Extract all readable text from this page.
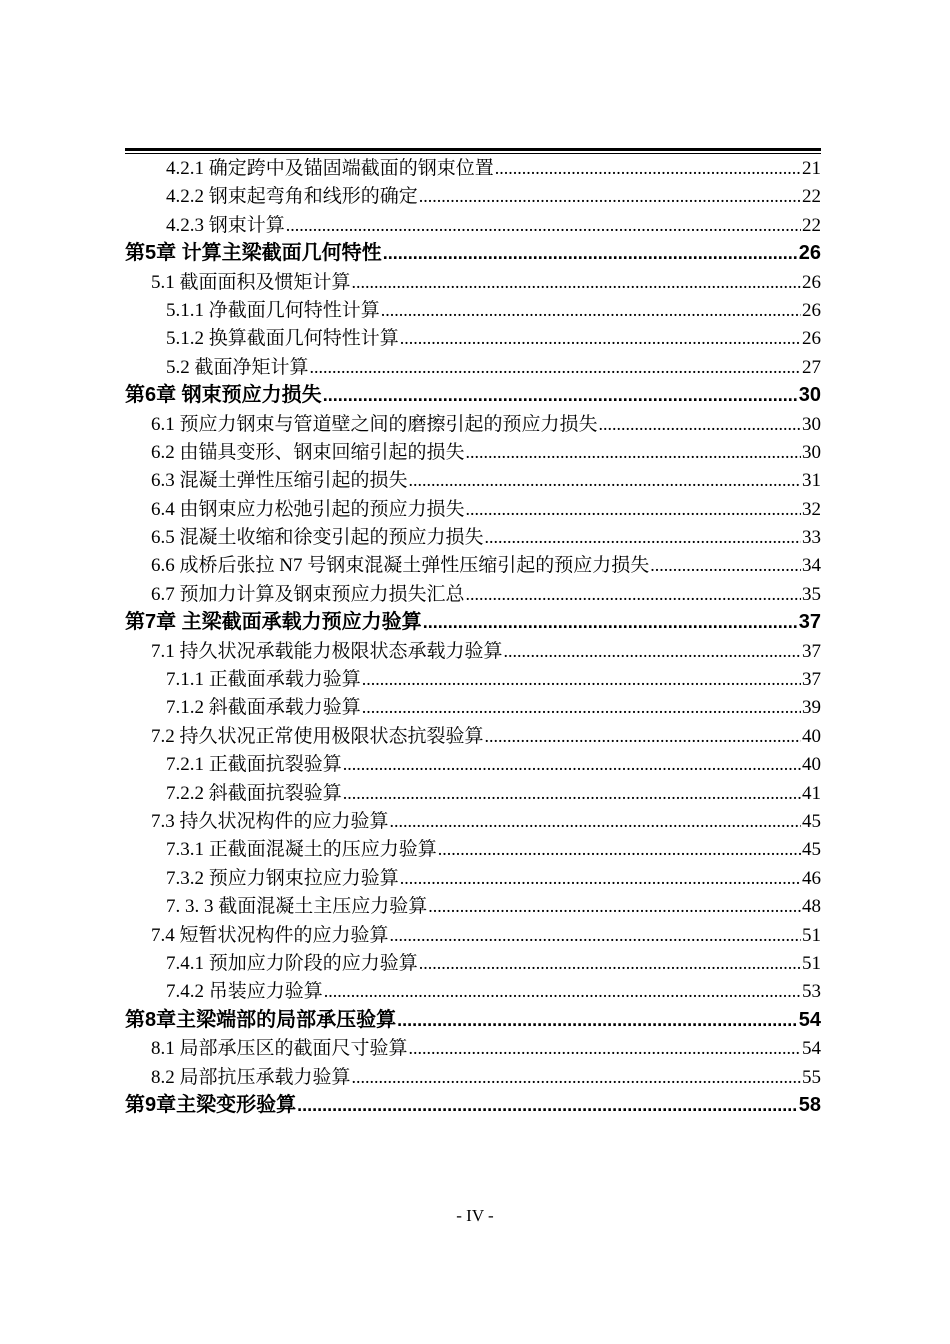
4.2.1 确定跨中及锚固端截面的钢束位置 .....	21
4.2.2 钢束起弯角和线形的确定 .....	22
4.2.3 钢束计算 .....	22
第5章 计算主梁截面几何特性 .....	26
5.1 截面面积及惯矩计算 .....	26
5.1.1 净截面几何特性计算 .....	26
5.1.2 换算截面几何特性计算 .....	26
5.2 截面净矩计算 .....	27
第6章 钢束预应力损失 .....	30
6.1 预应力钢束与管道壁之间的磨擦引起的预应力损失 .....	30
6.2 由锚具变形、钢束回缩引起的损失 .....	30
6.3 混凝土弹性压缩引起的损失 .....	31
6.4 由钢束应力松弛引起的预应力损失 .....	32
6.5 混凝土收缩和徐变引起的预应力损失 .....	33
6.6 成桥后张拉 N7 号钢束混凝土弹性压缩引起的预应力损失 .....	34
6.7 预加力计算及钢束预应力损失汇总 .....	35
第7章 主梁截面承载力预应力验算 .....	37
7.1 持久状况承载能力极限状态承载力验算 .....	37
7.1.1 正截面承载力验算 .....	37
7.1.2 斜截面承载力验算 .....	39
7.2 持久状况正常使用极限状态抗裂验算 .....	40
7.2.1 正截面抗裂验算 .....	40
7.2.2 斜截面抗裂验算 .....	41
7.3 持久状况构件的应力验算 .....	45
7.3.1 正截面混凝土的压应力验算 .....	45
7.3.2 预应力钢束拉应力验算 .....	46
7. 3. 3 截面混凝土主压应力验算 .....	48
7.4 短暂状况构件的应力验算 .....	51
7.4.1 预加应力阶段的应力验算 .....	51
7.4.2 吊装应力验算 .....	53
第8章主梁端部的局部承压验算 .....	54
8.1 局部承压区的截面尺寸验算 .....	54
8.2 局部抗压承载力验算 .....	55
第9章主梁变形验算 .....	58
- IV -
